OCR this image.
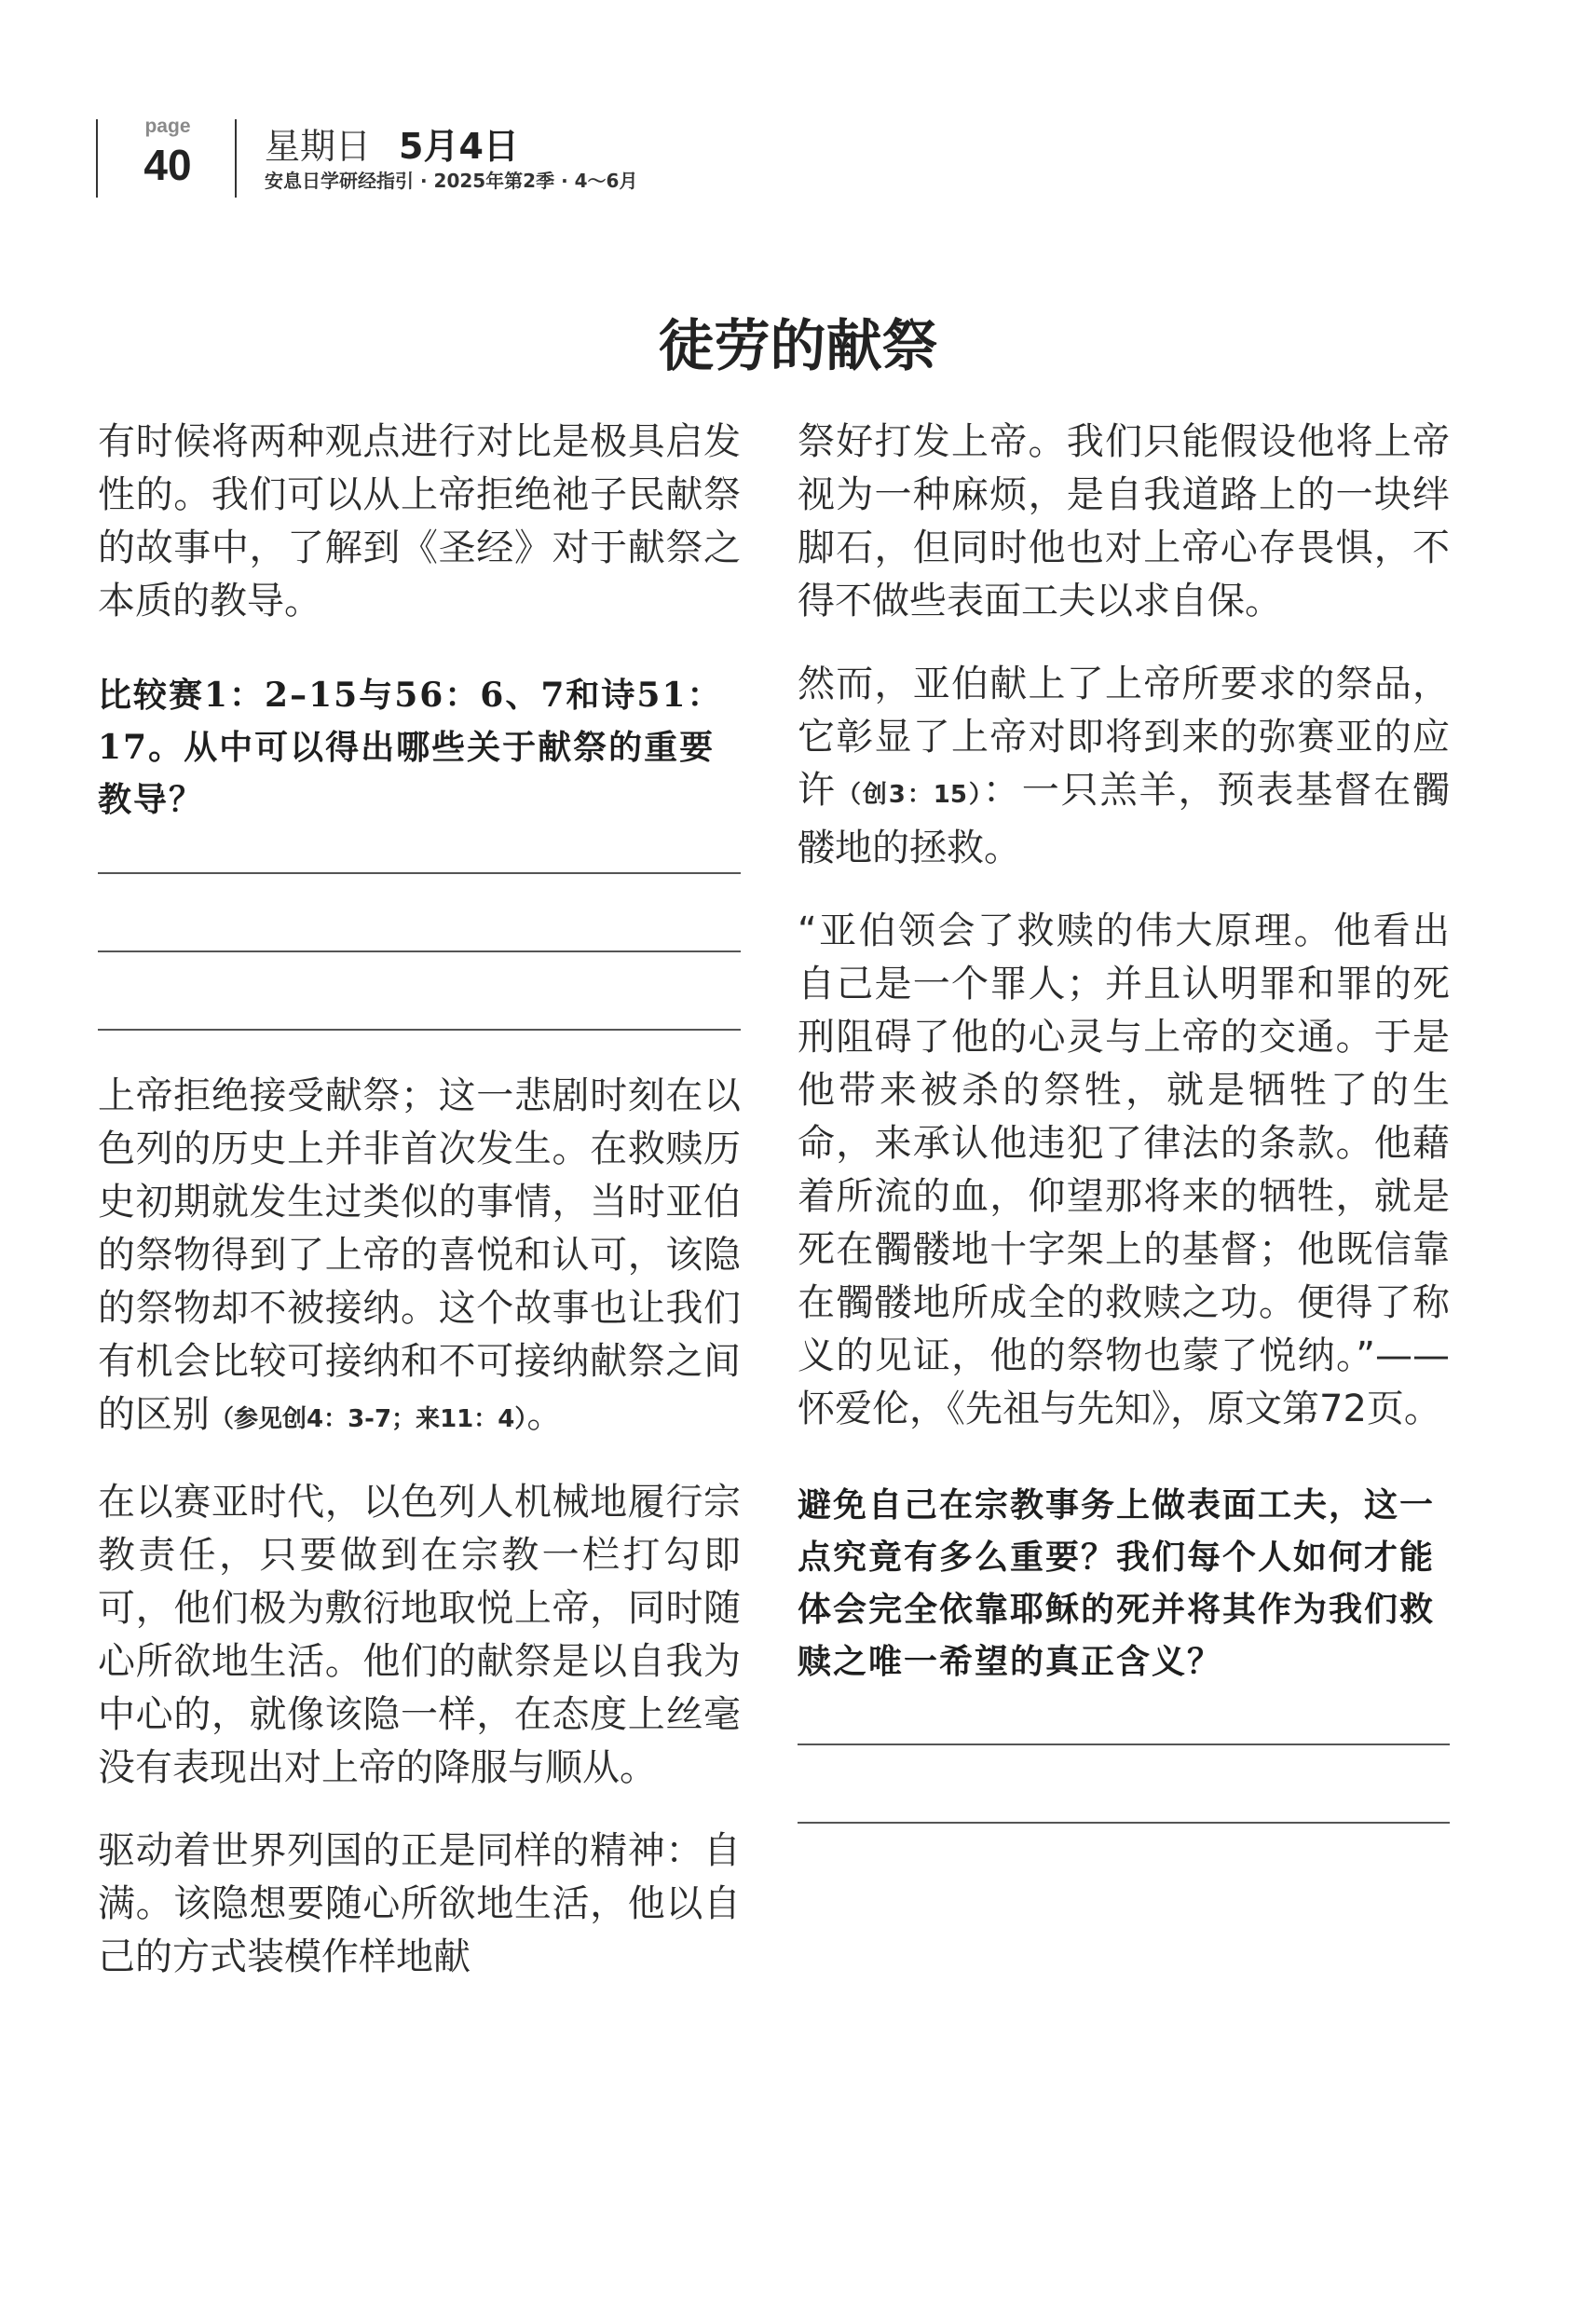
page
40	星期日 5月4日
安息日学研经指引 · 2025年第2季 · 4～6月
徒劳的献祭

有时候将两种观点进行对比是极具启发性的。我们可以从上帝拒绝祂子民献祭的故事中，了解到《圣经》对于献祭之本质的教导。

比较赛1：2–15与56：6、7和诗51：17。从中可以得出哪些关于献祭的重要教导？

上帝拒绝接受献祭；这一悲剧时刻在以色列的历史上并非首次发生。在救赎历史初期就发生过类似的事情，当时亚伯的祭物得到了上帝的喜悦和认可，该隐的祭物却不被接纳。这个故事也让我们有机会比较可接纳和不可接纳献祭之间的区别（参见创4：3-7；来11：4）。

在以赛亚时代，以色列人机械地履行宗教责任，只要做到在宗教一栏打勾即可，他们极为敷衍地取悦上帝，同时随心所欲地生活。他们的献祭是以自我为中心的，就像该隐一样，在态度上丝毫没有表现出对上帝的降服与顺从。

驱动着世界列国的正是同样的精神：自满。该隐想要随心所欲地生活，他以自己的方式装模作样地献

祭好打发上帝。我们只能假设他将上帝视为一种麻烦，是自我道路上的一块绊脚石，但同时他也对上帝心存畏惧，不得不做些表面工夫以求自保。

然而，亚伯献上了上帝所要求的祭品，它彰显了上帝对即将到来的弥赛亚的应许（创3：15）：一只羔羊，预表基督在髑髅地的拯救。

“亚伯领会了救赎的伟大原理。他看出自己是一个罪人；并且认明罪和罪的死刑阻碍了他的心灵与上帝的交通。于是他带来被杀的祭牲，就是牺牲了的生命，来承认他违犯了律法的条款。他藉着所流的血，仰望那将来的牺牲，就是死在髑髅地十字架上的基督；他既信靠在髑髅地所成全的救赎之功。便得了称义的见证，他的祭物也蒙了悦纳。”——怀爱伦，《先祖与先知》，原文第72页。

避免自己在宗教事务上做表面工夫，这一点究竟有多么重要？我们每个人如何才能体会完全依靠耶稣的死并将其作为我们救赎之唯一希望的真正含义？
